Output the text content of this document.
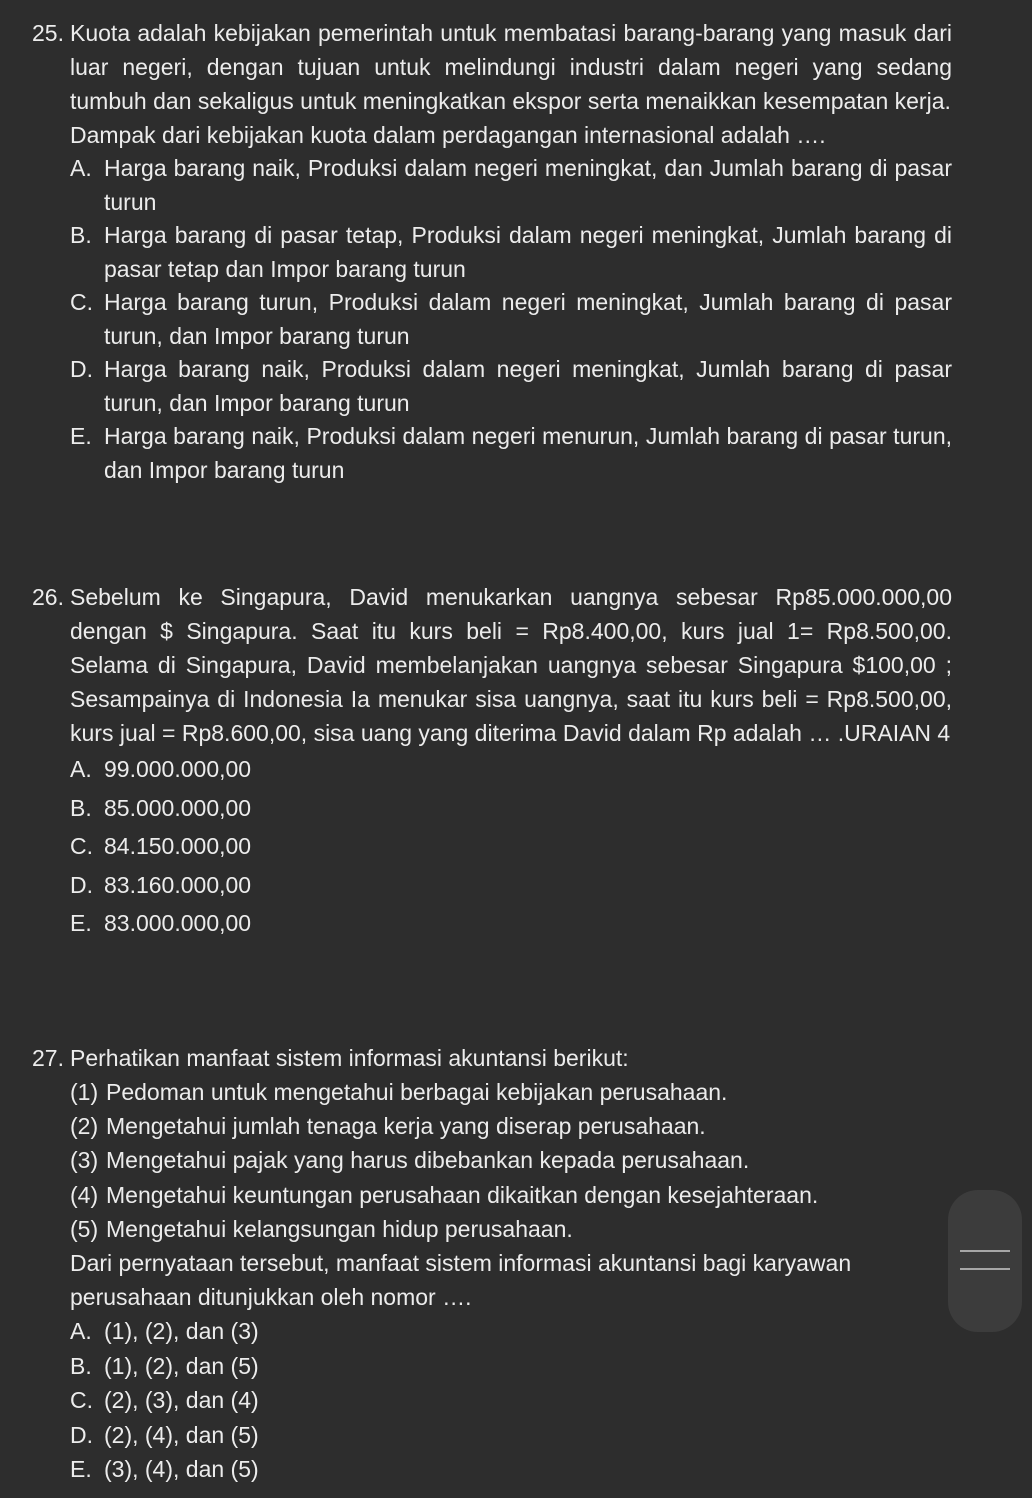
25. Kuota adalah kebijakan pemerintah untuk membatasi barang-barang yang masuk dari luar negeri, dengan tujuan untuk melindungi industri dalam negeri yang sedang tumbuh dan sekaligus untuk meningkatkan ekspor serta menaikkan kesempatan kerja.

Dampak dari kebijakan kuota dalam perdagangan internasional adalah ….

A. Harga barang naik, Produksi dalam negeri meningkat, dan Jumlah barang di pasar turun
B. Harga barang di pasar tetap, Produksi dalam negeri meningkat, Jumlah barang di pasar tetap dan Impor barang turun
C. Harga barang turun, Produksi dalam negeri meningkat, Jumlah barang di pasar turun, dan Impor barang turun
D. Harga barang naik, Produksi dalam negeri meningkat, Jumlah barang di pasar turun, dan Impor barang turun
E. Harga barang naik, Produksi dalam negeri menurun, Jumlah barang di pasar turun, dan Impor barang turun
26. Sebelum ke Singapura, David menukarkan uangnya sebesar Rp85.000.000,00 dengan $ Singapura. Saat itu kurs beli = Rp8.400,00, kurs jual 1= Rp8.500,00. Selama di Singapura, David membelanjakan uangnya sebesar Singapura $100,00 ; Sesampainya di Indonesia Ia menukar sisa uangnya, saat itu kurs beli = Rp8.500,00, kurs jual = Rp8.600,00, sisa uang yang diterima David dalam Rp adalah … .URAIAN 4

A. 99.000.000,00
B. 85.000.000,00
C. 84.150.000,00
D. 83.160.000,00
E. 83.000.000,00
27. Perhatikan manfaat sistem informasi akuntansi berikut:

(1) Pedoman untuk mengetahui berbagai kebijakan perusahaan.
(2) Mengetahui jumlah tenaga kerja yang diserap perusahaan.
(3) Mengetahui pajak yang harus dibebankan kepada perusahaan.
(4) Mengetahui keuntungan perusahaan dikaitkan dengan kesejahteraan.
(5) Mengetahui kelangsungan hidup perusahaan.

Dari pernyataan tersebut, manfaat sistem informasi akuntansi bagi karyawan perusahaan ditunjukkan oleh nomor ….

A. (1), (2), dan (3)
B. (1), (2), dan (5)
C. (2), (3), dan (4)
D. (2), (4), dan (5)
E. (3), (4), dan (5)
